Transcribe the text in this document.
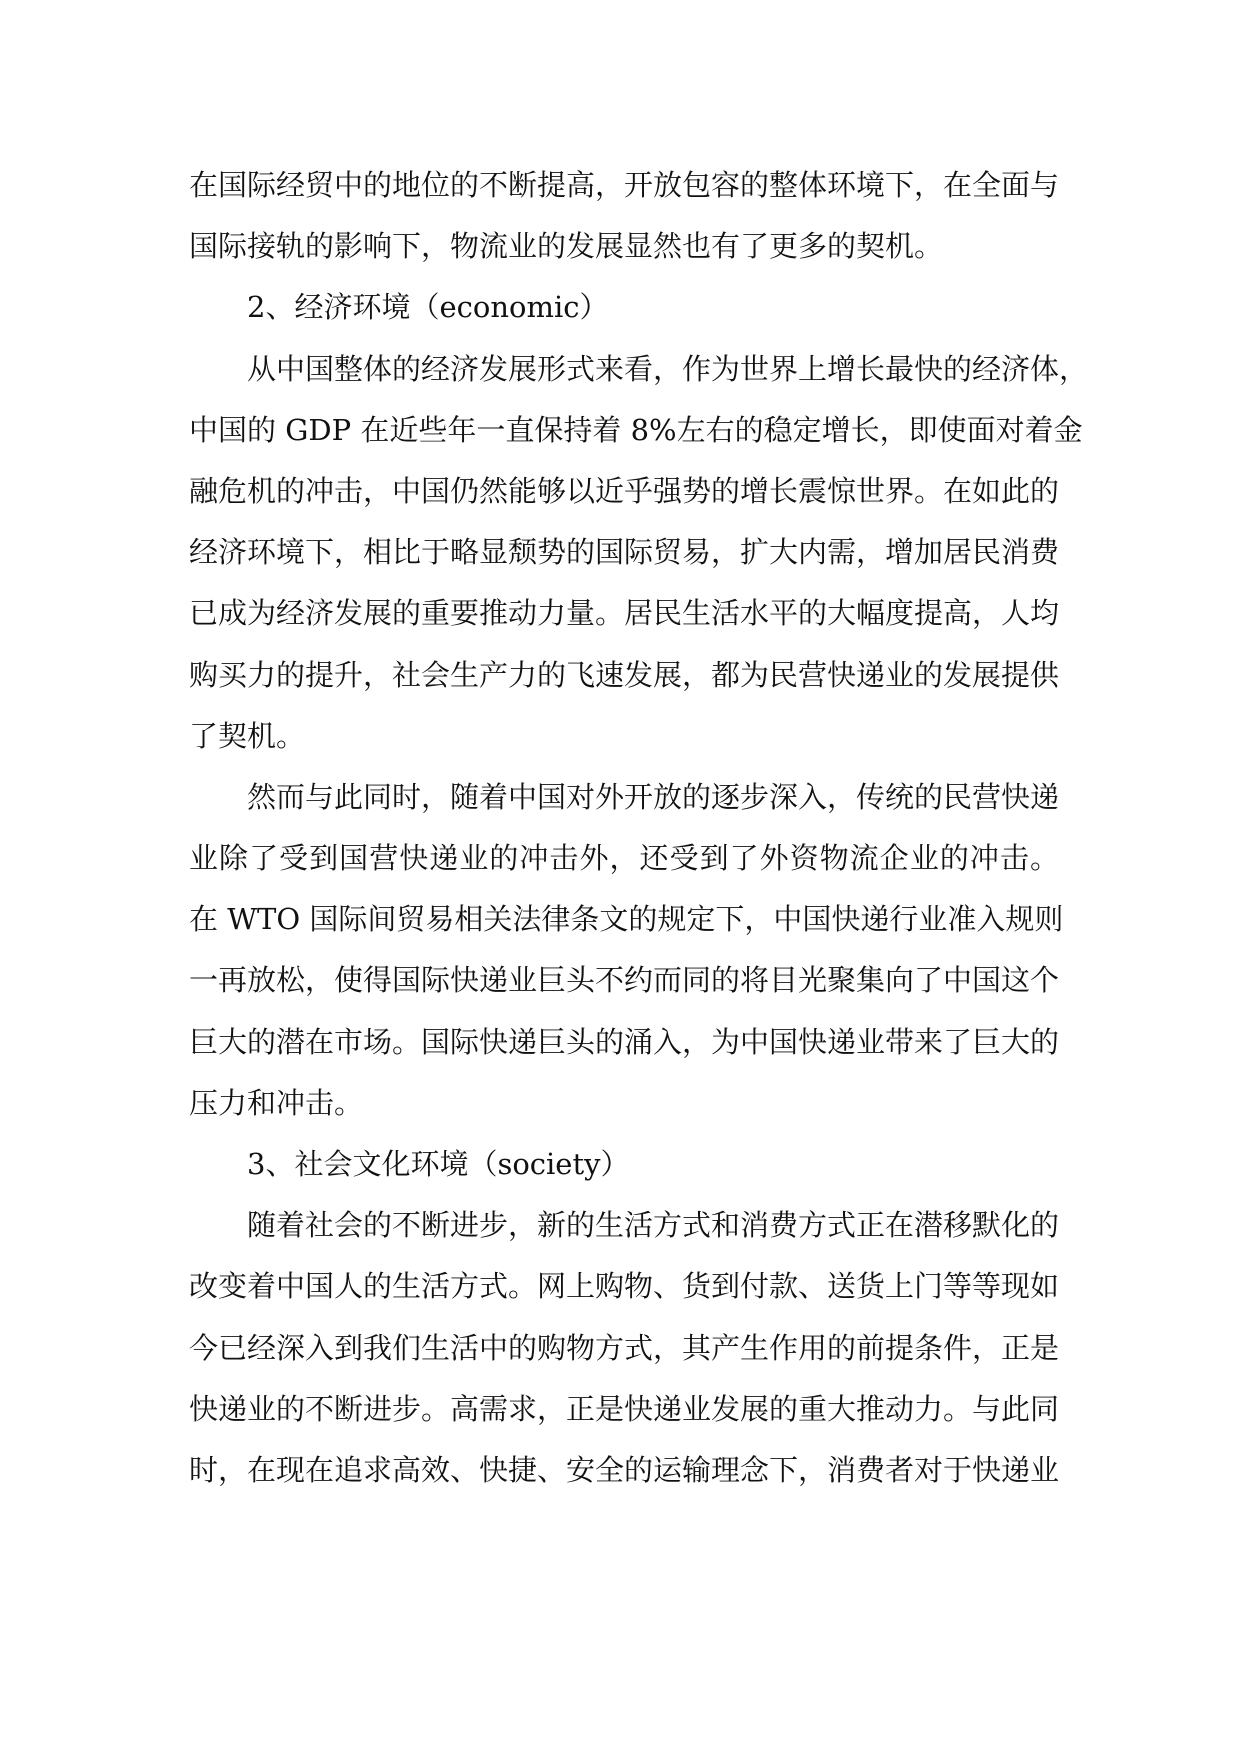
在国际经贸中的地位的不断提高，开放包容的整体环境下，在全面与
国际接轨的影响下，物流业的发展显然也有了更多的契机。
2、经济环境（economic）
从中国整体的经济发展形式来看，作为世界上增长最快的经济体，
中国的 GDP 在近些年一直保持着 8%左右的稳定增长，即使面对着金
融危机的冲击，中国仍然能够以近乎强势的增长震惊世界。在如此的
经济环境下，相比于略显颓势的国际贸易，扩大内需，增加居民消费
已成为经济发展的重要推动力量。居民生活水平的大幅度提高，人均
购买力的提升，社会生产力的飞速发展，都为民营快递业的发展提供
了契机。
然而与此同时，随着中国对外开放的逐步深入，传统的民营快递
业除了受到国营快递业的冲击外，还受到了外资物流企业的冲击。
在 WTO 国际间贸易相关法律条文的规定下，中国快递行业准入规则
一再放松，使得国际快递业巨头不约而同的将目光聚集向了中国这个
巨大的潜在市场。国际快递巨头的涌入，为中国快递业带来了巨大的
压力和冲击。
3、社会文化环境（society）
随着社会的不断进步，新的生活方式和消费方式正在潜移默化的
改变着中国人的生活方式。网上购物、货到付款、送货上门等等现如
今已经深入到我们生活中的购物方式，其产生作用的前提条件，正是
快递业的不断进步。高需求，正是快递业发展的重大推动力。与此同
时，在现在追求高效、快捷、安全的运输理念下，消费者对于快递业
